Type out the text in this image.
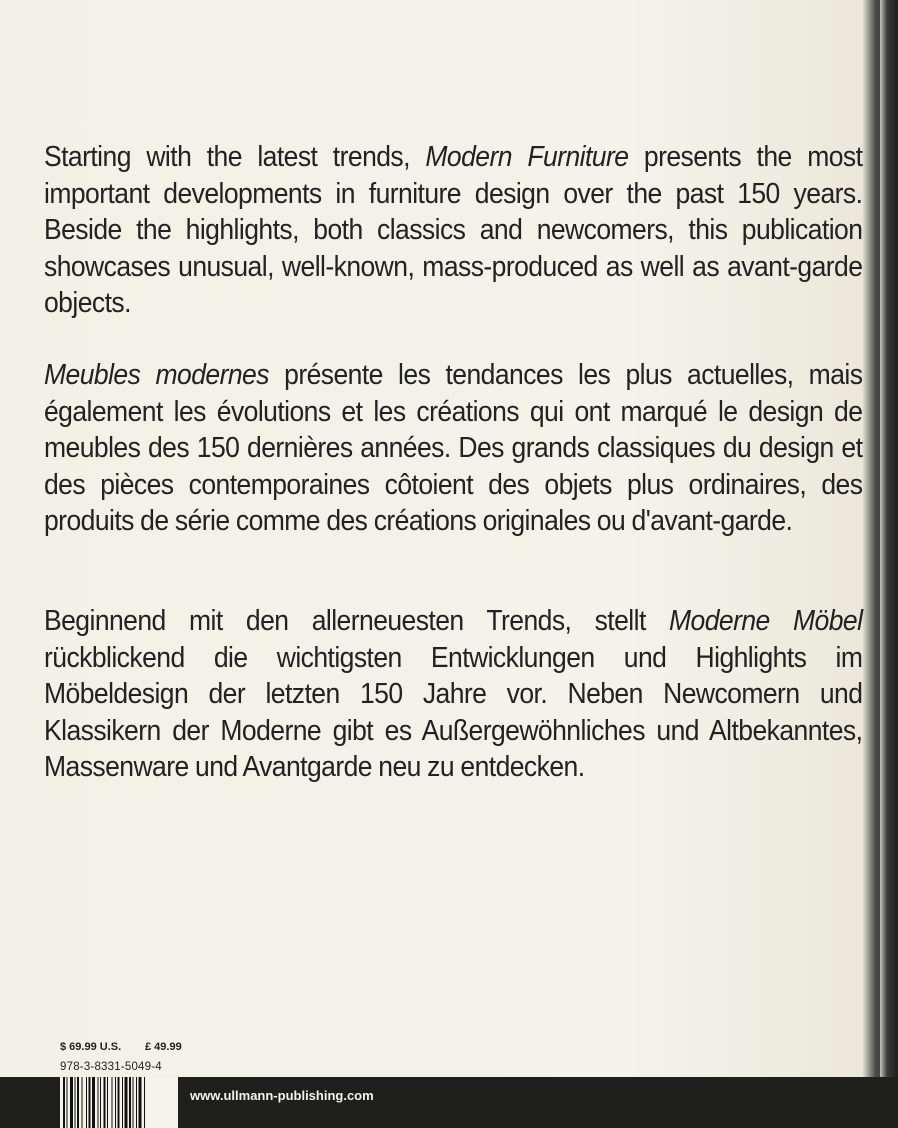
Starting with the latest trends, Modern Furniture presents the most important developments in furniture design over the past 150 years. Beside the highlights, both classics and newcomers, this publication showcases unusual, well-known, mass-produced as well as avant-garde objects.

Meubles modernes présente les tendances les plus actuelles, mais également les évolutions et les créations qui ont marqué le design de meubles des 150 dernières années. Des grands classiques du design et des pièces contemporaines côtoient des objets plus ordinaires, des produits de série comme des créations originales ou d'avant-garde.

Beginnend mit den allerneuesten Trends, stellt Moderne Möbel rückblickend die wichtigsten Entwicklungen und Highlights im Möbeldesign der letzten 150 Jahre vor. Neben Newcomern und Klassikern der Moderne gibt es Außergewöhnliches und Altbekanntes, Massenware und Avantgarde neu zu entdecken.

$ 69.99 U.S. £ 49.99
978-3-8331-5049-4
www.ullmann-publishing.com
